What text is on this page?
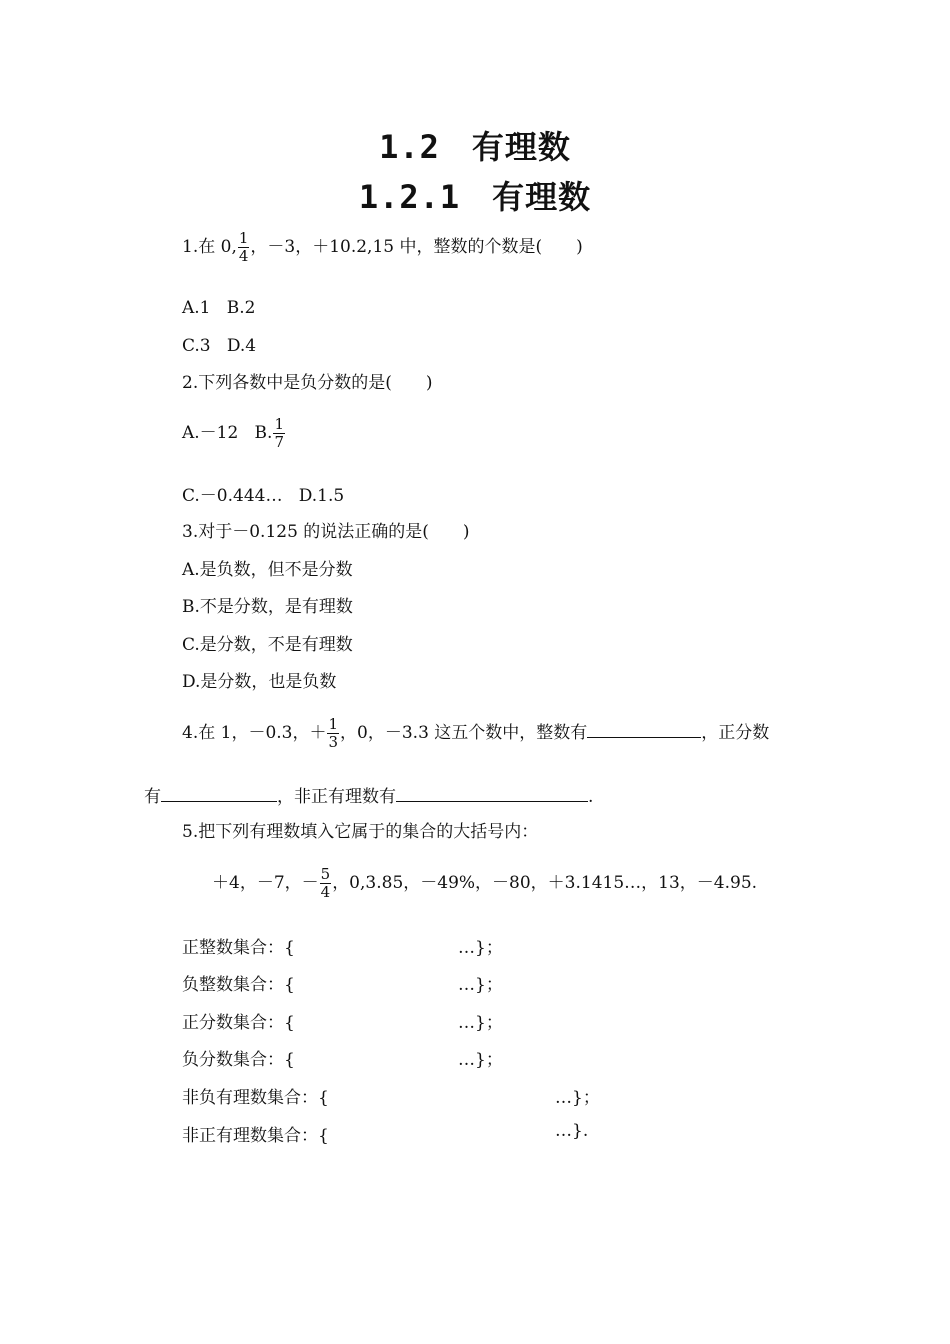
1.2 有理数
1.2.1 有理数
1.在 0, $\frac{1}{4}$ ，－3，＋10.2,15 中，整数的个数是(　　)
A.1 B.2
C.3 D.4
2.下列各数中是负分数的是(　　)
A.－12 B. $\frac{1}{7}$
C.－0.444… D.1.5
3.对于－0.125 的说法正确的是(　　)
A.是负数，但不是分数
B.不是分数，是有理数
C.是分数，不是有理数
D.是分数，也是负数
4.在 1，－0.3，＋ $\frac{1}{3}$ ，0，－3.3 这五个数中，整数有	，正分数
有	，非正有理数有	.
5.把下列有理数填入它属于的集合的大括号内：
＋4，－7，－ $\frac{5}{4}$ ，0,3.85，－49%，－80，＋3.1415…，13，－4.95.
正整数集合：{	…}；
负整数集合：{	…}；
正分数集合：{	…}；
负分数集合：{	…}；
非负有理数集合：{	…}；
非正有理数集合：{	…}.
